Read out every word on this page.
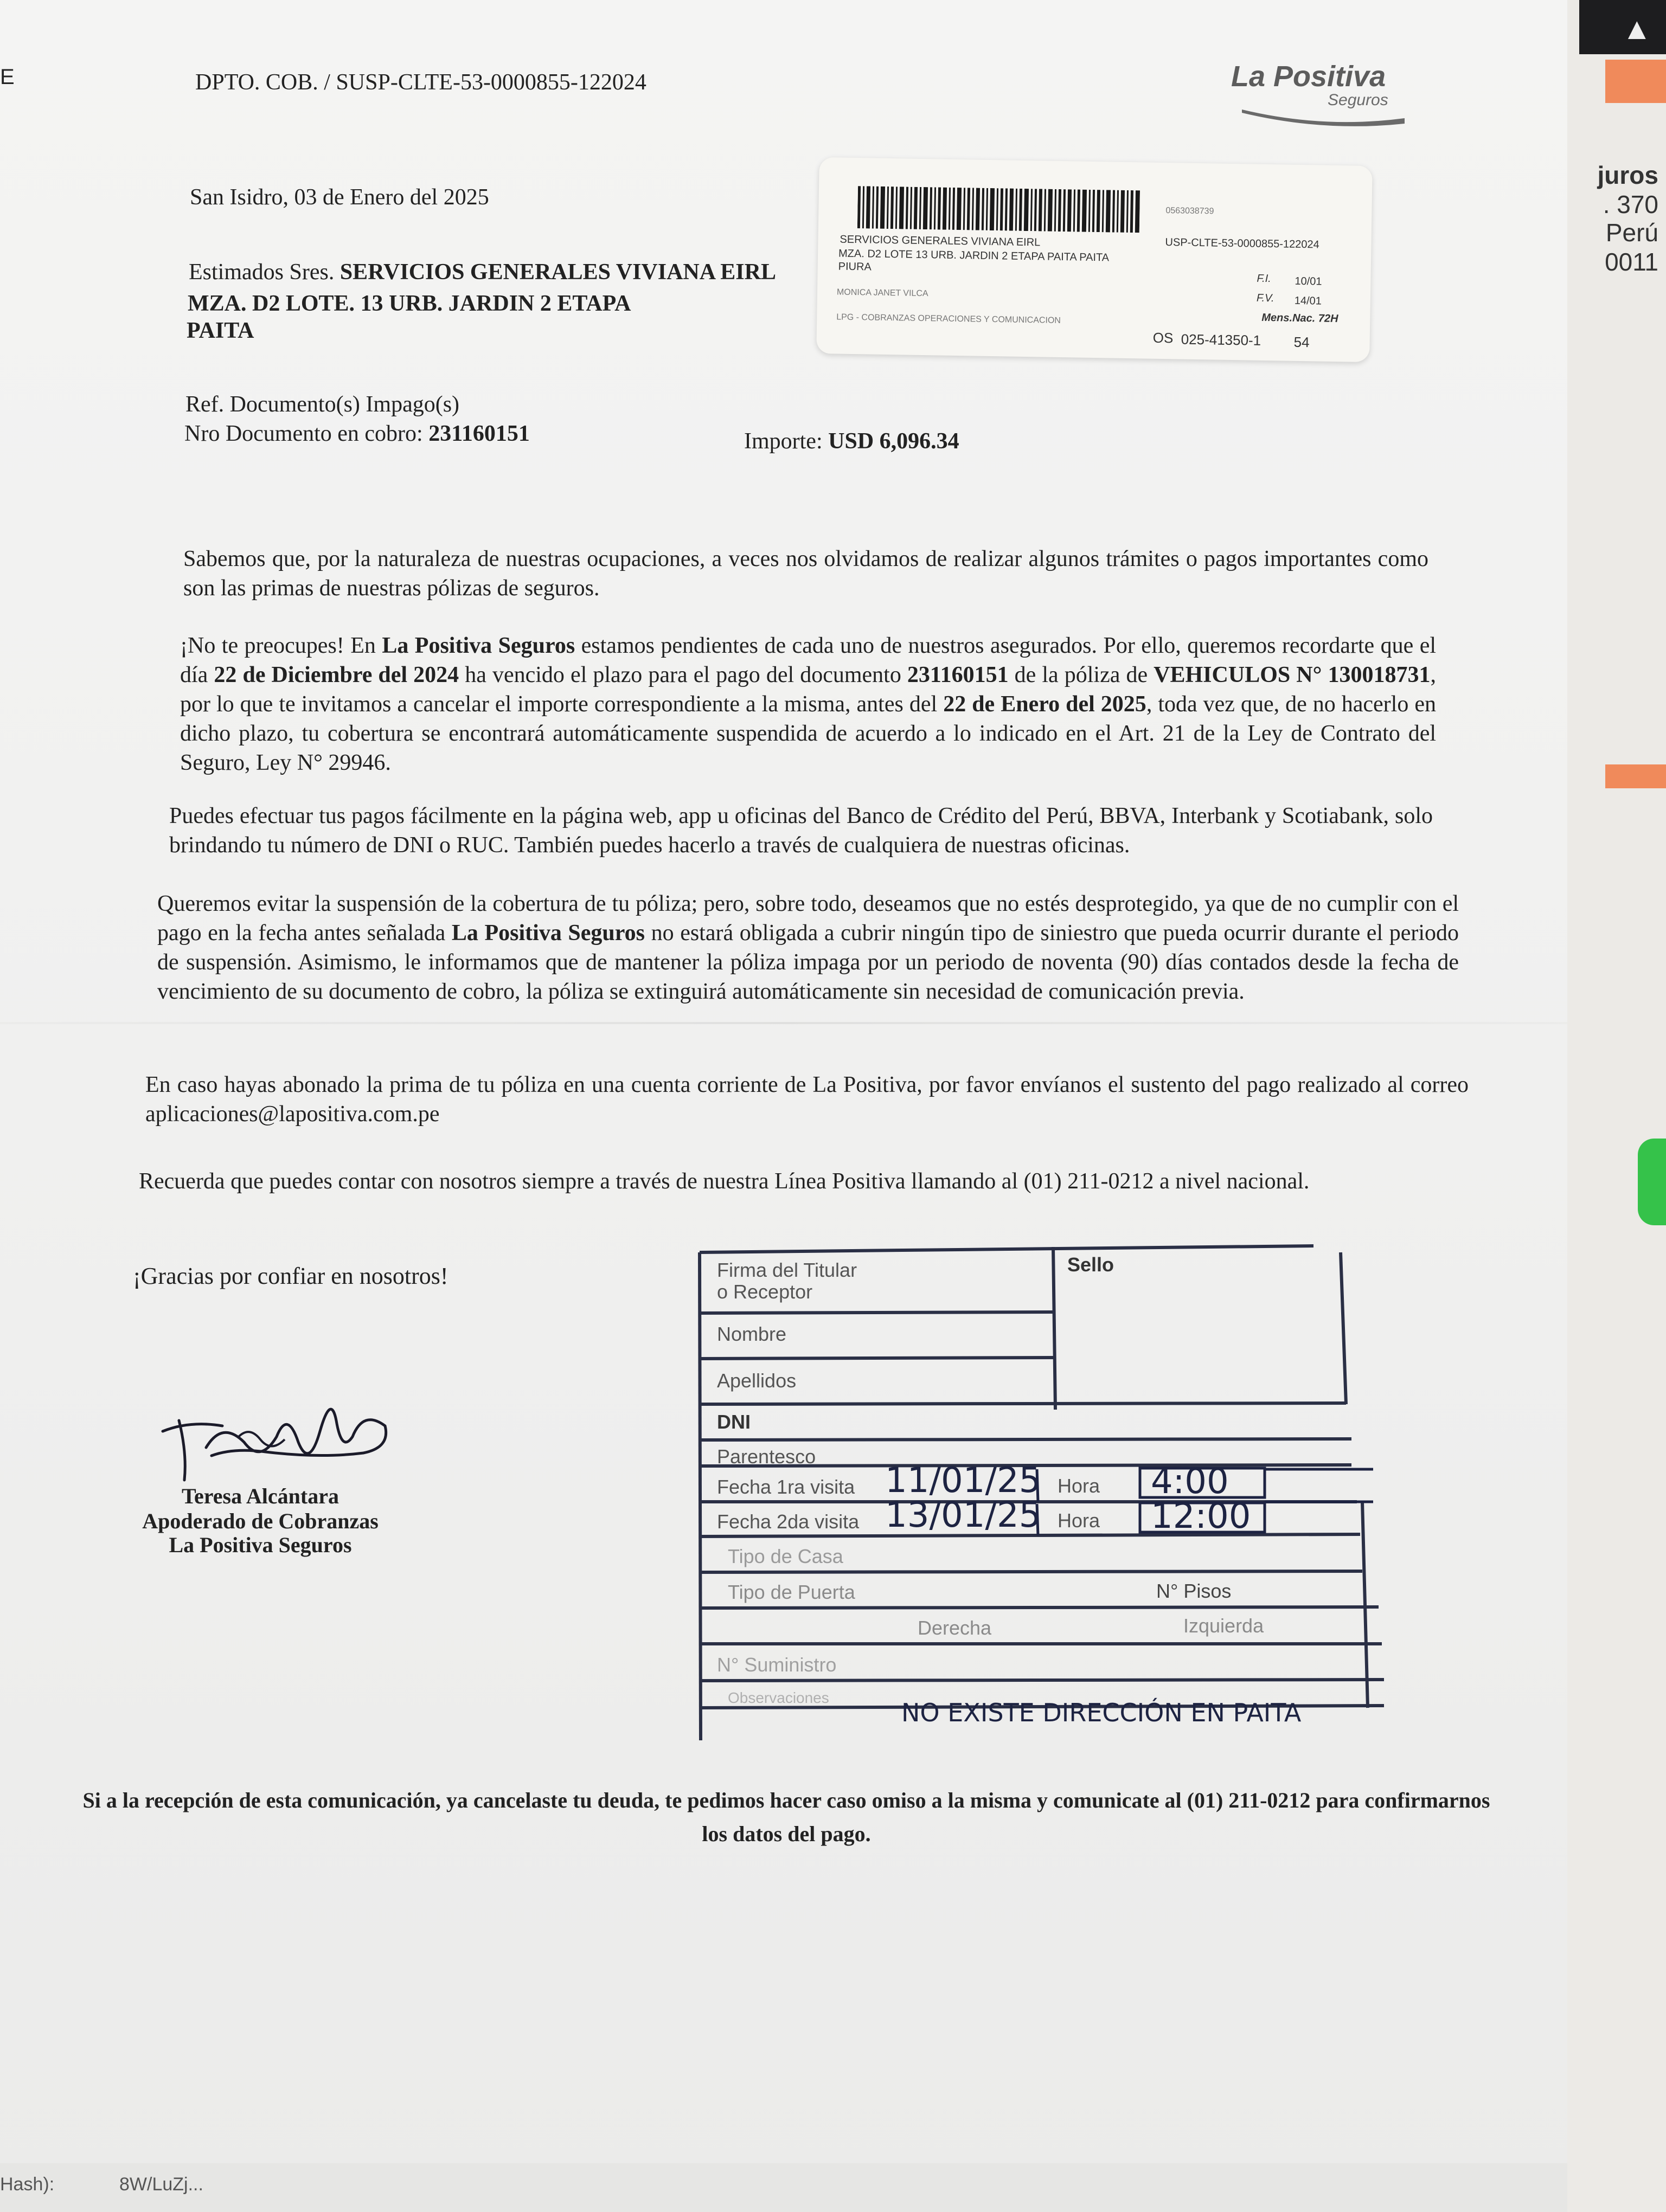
juros
. 370
Perú
0011
▲
E	DPTO. COB. / SUSP-CLTE-53-0000855-122024	La Positiva
Seguros
San Isidro, 03 de Enero del 2025
Estimados Sres. SERVICIOS GENERALES VIVIANA EIRL
MZA. D2 LOTE. 13 URB. JARDIN 2 ETAPA
PAITA
0563038739
USP-CLTE-53-0000855-122024
SERVICIOS GENERALES VIVIANA EIRL
MZA. D2 LOTE 13 URB. JARDIN 2 ETAPA PAITA PAITA
PIURA
MONICA JANET VILCA
LPG - COBRANZAS OPERACIONES Y COMUNICACION
F.I. 10/01
F.V. 14/01
Mens.Nac. 72H
OS 025-41350-1 54
Ref. Documento(s) Impago(s)
Nro Documento en cobro: 231160151	Importe: USD 6,096.34
Sabemos que, por la naturaleza de nuestras ocupaciones, a veces nos olvidamos de realizar algunos trámites o pagos importantes como son las primas de nuestras pólizas de seguros.
¡No te preocupes! En La Positiva Seguros estamos pendientes de cada uno de nuestros asegurados. Por ello, queremos recordarte que el día 22 de Diciembre del 2024 ha vencido el plazo para el pago del documento 231160151 de la póliza de VEHICULOS N° 130018731, por lo que te invitamos a cancelar el importe correspondiente a la misma, antes del 22 de Enero del 2025, toda vez que, de no hacerlo en dicho plazo, tu cobertura se encontrará automáticamente suspendida de acuerdo a lo indicado en el Art. 21 de la Ley de Contrato del Seguro, Ley N° 29946.
Puedes efectuar tus pagos fácilmente en la página web, app u oficinas del Banco de Crédito del Perú, BBVA, Interbank y Scotiabank, solo brindando tu número de DNI o RUC. También puedes hacerlo a través de cualquiera de nuestras oficinas.
Queremos evitar la suspensión de la cobertura de tu póliza; pero, sobre todo, deseamos que no estés desprotegido, ya que de no cumplir con el pago en la fecha antes señalada La Positiva Seguros no estará obligada a cubrir ningún tipo de siniestro que pueda ocurrir durante el periodo de suspensión. Asimismo, le informamos que de mantener la póliza impaga por un periodo de noventa (90) días contados desde la fecha de vencimiento de su documento de cobro, la póliza se extinguirá automáticamente sin necesidad de comunicación previa.
En caso hayas abonado la prima de tu póliza en una cuenta corriente de La Positiva, por favor envíanos el sustento del pago realizado al correo aplicaciones@lapositiva.com.pe
Recuerda que puedes contar con nosotros siempre a través de nuestra Línea Positiva llamando al (01) 211-0212 a nivel nacional.
¡Gracias por confiar en nosotros!
Teresa Alcántara
Apoderado de Cobranzas
La Positiva Seguros
Firma del Titular
o Receptor
Sello
Nombre
Apellidos
DNI
Parentesco
Fecha 1ra visita 11/01/25 Hora 4:00
Fecha 2da visita 13/01/25 Hora 12:00
Tipo de Casa
Tipo de Puerta	N° Pisos
Derecha	Izquierda
N° Suministro
Observaciones
NO EXISTE DIRECCIÓN EN PAITA
Si a la recepción de esta comunicación, ya cancelaste tu deuda, te pedimos hacer caso omiso a la misma y comunicate al (01) 211-0212 para confirmarnos los datos del pago.
Hash):	8W/LuZj...
